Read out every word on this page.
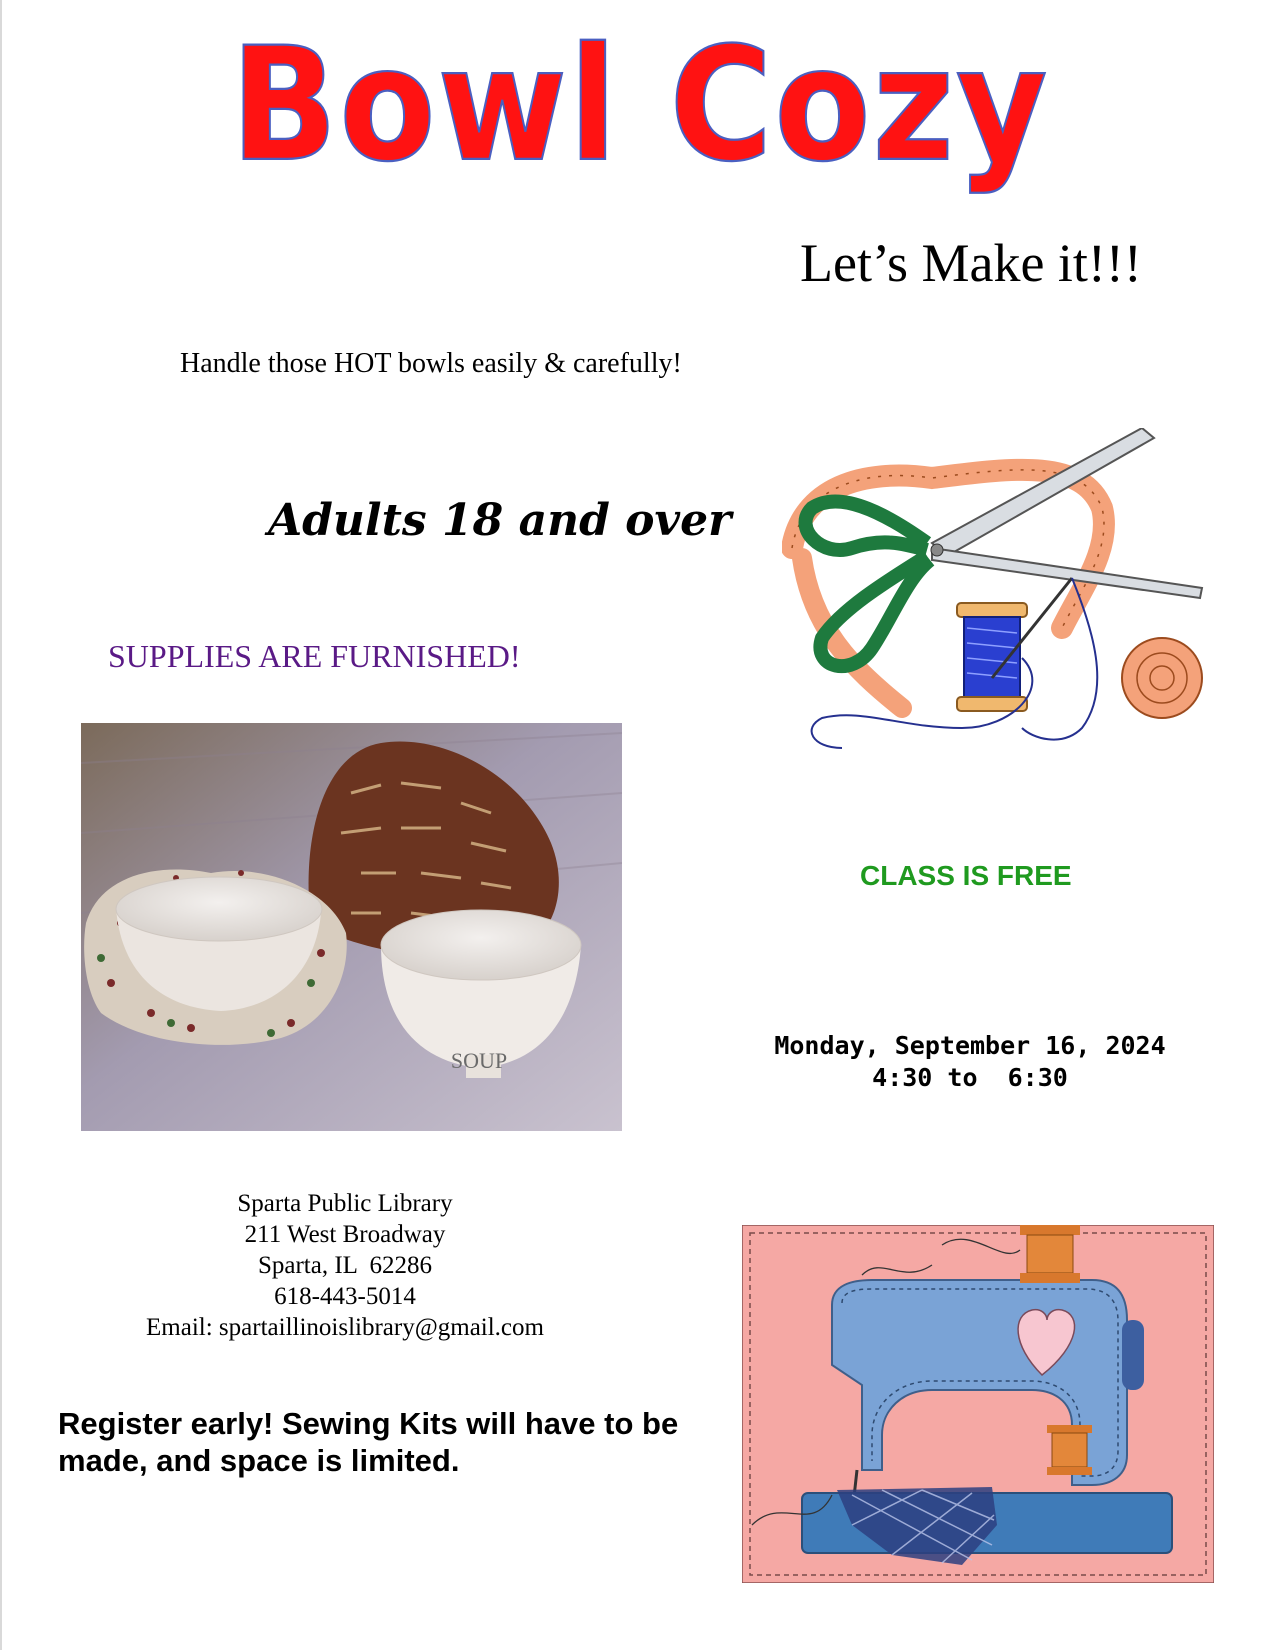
Bowl Cozy
Let’s Make it!!!
Handle those HOT bowls easily & carefully!
Adults 18 and over
SUPPLIES ARE FURNISHED!
SOUP
CLASS IS FREE
Monday, September 16, 2024
4:30 to  6:30
Sparta Public Library
211 West Broadway
Sparta, IL  62286
618-443-5014
Email: spartaillinoislibrary@gmail.com
Register early! Sewing Kits will have to be made, and space is limited.
